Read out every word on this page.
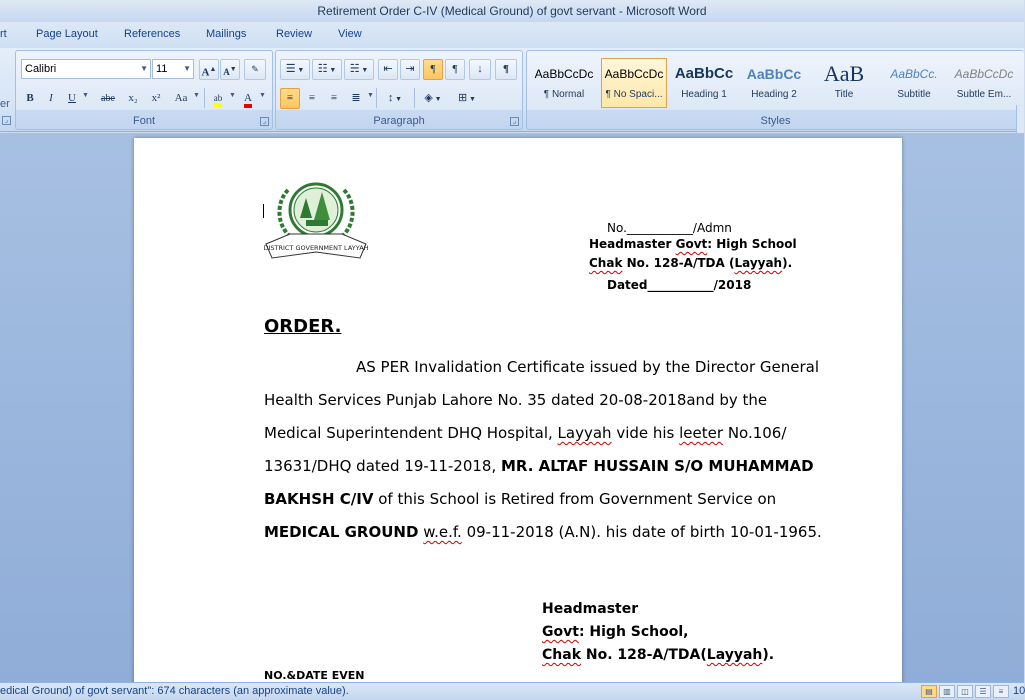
Retirement Order C-IV (Medical Ground) of govt servant - Microsoft Word
rt	Page Layout References Mailings	Review View
er
⌟
Calibri	▼ 11 ▼ A▲ A▼	✎
B	I	U ▼	abe	x₂	x²	Aa ▼	ab ▼ A	▼
Font	⌟
☰ ▼	☷ ▼	☵ ▼	⇤	⇥	¶	¶	↓	¶
≡	≡	≡	≣ ▼	↕ ▼	◈ ▼	⊞ ▼
Paragraph	⌟
AaBbCcDc
¶ Normal
AaBbCcDc
¶ No Spaci...
AaBbCc
Heading 1
AaBbCc
Heading 2
AaB
Title
AaBbCc.
Subtitle
AaBbCcDc
Subtle Em...
Styles
DISTRICT GOVERNMENT LAYYAH
No.___________/Admn
Headmaster Govt: High School
Chak No. 128-A/TDA (Layyah).
Dated___________/2018
ORDER.
AS PER Invalidation Certificate issued by the Director General
Health Services Punjab Lahore No. 35 dated 20-08-2018and by the
Medical Superintendent DHQ Hospital, Layyah vide his leeter No.106/
13631/DHQ dated 19-11-2018, MR. ALTAF HUSSAIN S/O MUHAMMAD
BAKHSH C/IV of this School is Retired from Government Service on
MEDICAL GROUND w.e.f. 09-11-2018 (A.N). his date of birth 10-01-1965.
Headmaster
Govt: High School,
Chak No. 128-A/TDA(Layyah).
NO.&DATE EVEN
edical Ground) of govt servant": 674 characters (an approximate value).	▤	▥	◫	☰	≡ 10
